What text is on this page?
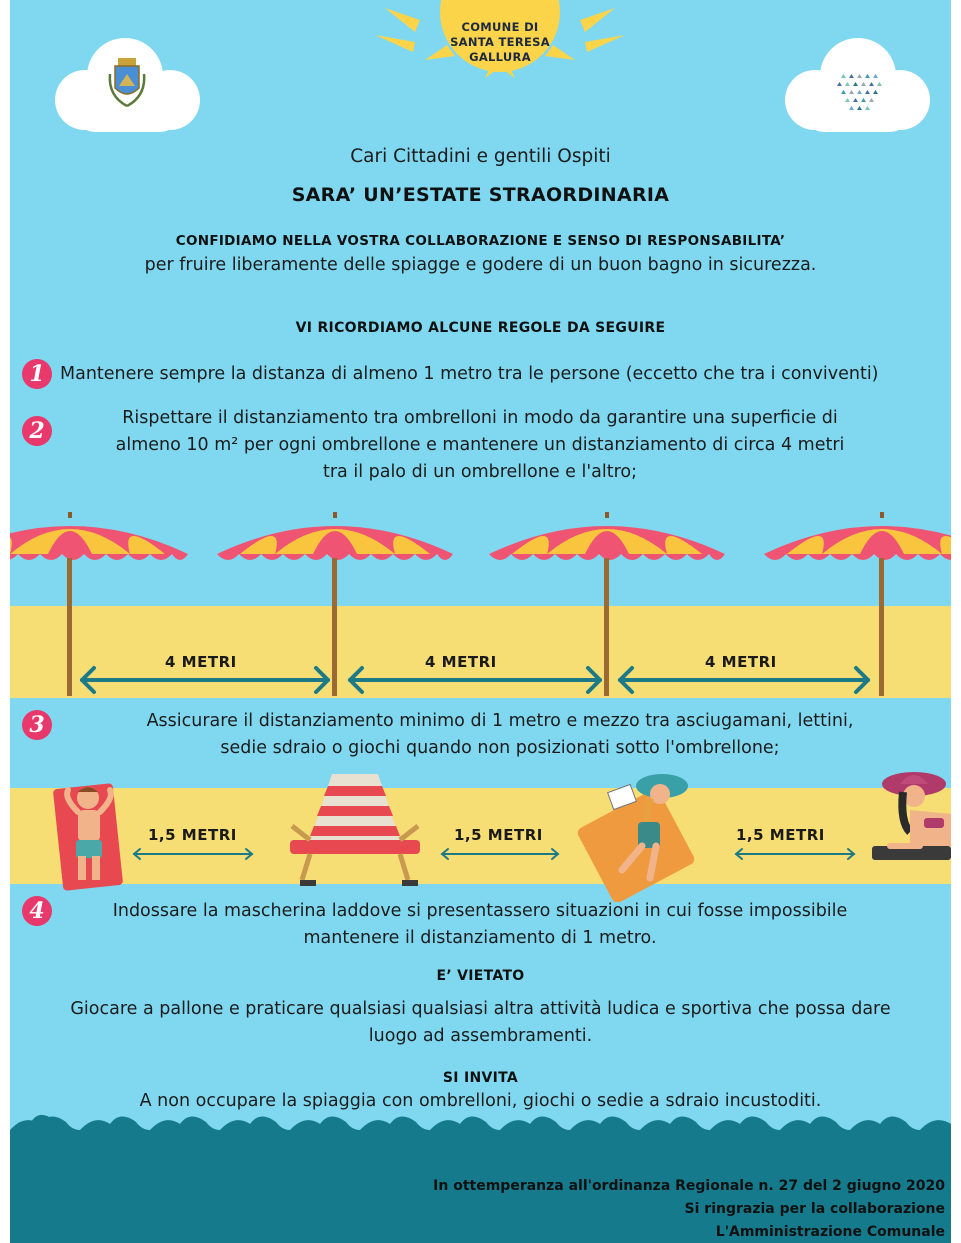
COMUNE DI
SANTA TERESA
GALLURA
Cari Cittadini e gentili Ospiti
SARA’ UN’ESTATE STRAORDINARIA
CONFIDIAMO NELLA VOSTRA COLLABORAZIONE E SENSO DI RESPONSABILITA’
per fruire liberamente delle spiagge e godere di un buon bagno in sicurezza.
VI RICORDIAMO ALCUNE REGOLE DA SEGUIRE
1 Mantenere sempre la distanza di almeno 1 metro tra le persone (eccetto che tra i conviventi)
2	Rispettare il distanziamento tra ombrelloni in modo da garantire una superficie di
almeno 10 m² per ogni ombrellone e mantenere un distanziamento di circa 4 metri
tra il palo di un ombrellone e l'altro;
4 METRI	4 METRI	4 METRI
3	Assicurare il distanziamento minimo di 1 metro e mezzo tra asciugamani, lettini,
sedie sdraio o giochi quando non posizionati sotto l'ombrellone;
1,5 METRI	1,5 METRI	1,5 METRI
4	Indossare la mascherina laddove si presentassero situazioni in cui fosse impossibile
mantenere il distanziamento di 1 metro.
E’ VIETATO
Giocare a pallone e praticare qualsiasi qualsiasi altra attività ludica e sportiva che possa dare
luogo ad assembramenti.
SI INVITA
A non occupare la spiaggia con ombrelloni, giochi o sedie a sdraio incustoditi.
In ottemperanza all'ordinanza Regionale n. 27 del 2 giugno 2020
Si ringrazia per la collaborazione
L'Amministrazione Comunale
